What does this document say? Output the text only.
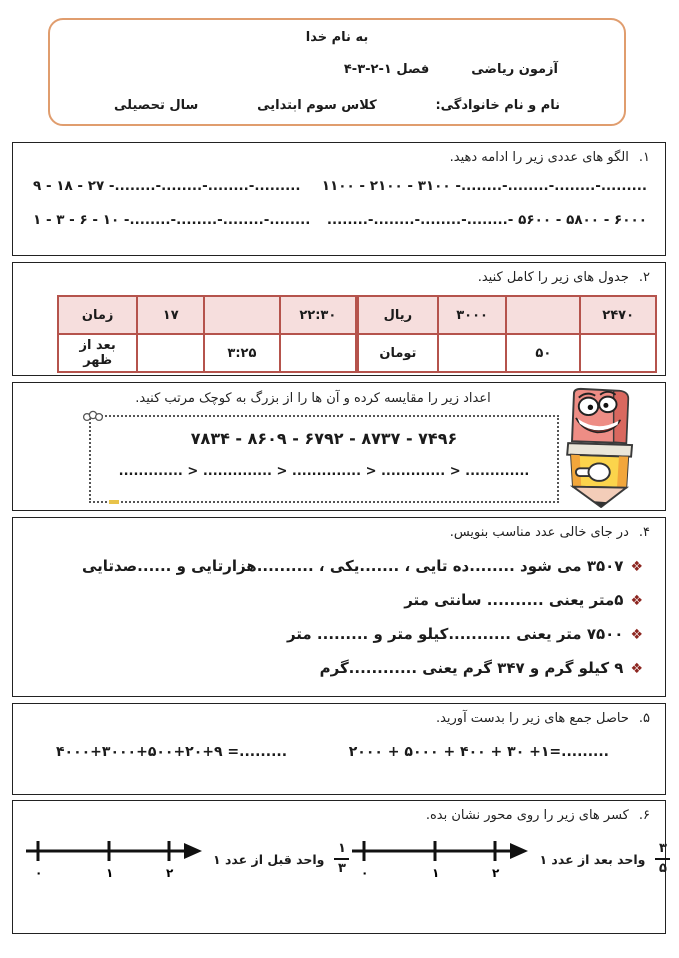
به نام خدا
آزمون ریاضی
فصل ۱-۲-۳-۴
نام و نام خانوادگی:
کلاس سوم ابتدایی
سال تحصیلی
۱.الگو های عددی زیر را ادامه دهید.
۹ - ۱۸ - ۲۷ -........-........-........-......... ۱۱۰۰ - ۲۱۰۰ - ۳۱۰۰ -........-........-........-.........
۱ - ۳ - ۶ - ۱۰ -........-........-........-........ ........-........-........-........- ۵۶۰۰ - ۵۸۰۰ - ۶۰۰۰
۲.جدول های زیر را کامل کنید.
زمان	۱۷		۲۲:۳۰
بعد از ظهر		۳:۲۵	
ریال	۳۰۰۰		۲۴۷۰
تومان		۵۰	
اعداد زیر را مقایسه کرده و آن ها را از بزرگ به کوچک مرتب کنید.
۷۸۳۴ - ۸۶۰۹ - ۶۷۹۲ - ۸۷۳۷ - ۷۴۹۶
............. > .............. > .............. > ............. > .............
۴.در جای خالی عدد مناسب بنویس.
❖۳۵۰۷ می شود ........ده تایی ، .......یکی ، ..........هزارتایی و ......صدتایی
❖۵متر یعنی .......... سانتی متر
❖۷۵۰۰ متر یعنی ...........کیلو متر و ......... متر
❖۹ کیلو گرم و ۳۴۷ گرم یعنی ............گرم
۵.حاصل جمع های زیر را بدست آورید.
۴۰۰۰+۳۰۰۰+۵۰۰+۲۰+۹ =.........	۲۰۰۰ + ۵۰۰۰ + ۴۰۰ + ۳۰ +۱=.........
۶.کسر های زیر را روی محور نشان بده.
۰	۱	۲
واحد قبل از عدد ۱ $\frac{۱}{۳}$ ۰	۱	۲
واحد بعد از عدد ۱ $\frac{۳}{۵}$
